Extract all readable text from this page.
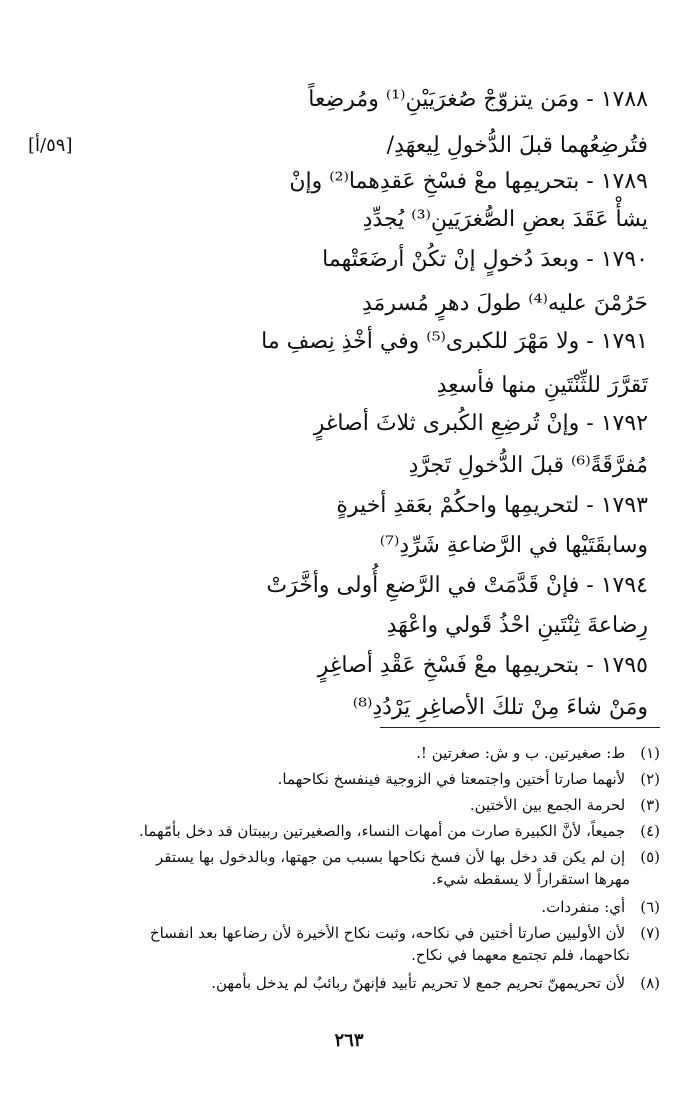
١٧٨٨ - ومَن يتزوّجْ صُغرَيَيْنِ⁽¹⁾ ومُرضِعاً
فتُرضِعُهما قبلَ الدُّخولِ لِيعهَدِ/
[٥٩/أ]
١٧٨٩ - بتحريمِها معْ فسْخِ عَقدِهما⁽²⁾ وإنْ
يشأْ عَقَدَ بعضِ الصُّغرَيَينِ⁽³⁾ يُجدِّدِ
١٧٩٠ - وبعدَ دُخولٍ إنْ تكُنْ أرضَعَتْهما
حَرُمْنَ عليه⁽⁴⁾ طولَ دهرٍ مُسرمَدِ
١٧٩١ - ولا مَهْرَ للكبرى⁽⁵⁾ وفي أخْذِ نِصفِ ما
تَقرَّرَ للثِّنْتَينِ منها فأسعِدِ
١٧٩٢ - وإنْ تُرضِعِ الكُبرى ثلاثَ أصاغرٍ
مُفرَّقَةً⁽⁶⁾ قبلَ الدُّخولِ تَجرَّدِ
١٧٩٣ - لتحريمِها واحكُمْ بعَقدِ أخيرةٍ
وسابقَتَيْها في الرَّضاعةِ شَرِّدِ⁽⁷⁾
١٧٩٤ - فإنْ قَدَّمَتْ في الرَّضعِ أُولى وأخَّرَتْ
رِضاعةَ ثِنْتَينِ احْذُ قَولي واعْهَدِ
١٧٩٥ - بتحريمِها معْ فَسْخِ عَقْدِ أصاغِرٍ
ومَنْ شاءَ مِنْ تلكَ الأصاغِرِ يَرْدُدِ⁽⁸⁾
(١) ط: صغيرتين. ب و ش: صغرتين !.
(٢) لأنهما صارتا أختين واجتمعتا في الزوجية فينفسخ نكاحهما.
(٣) لحرمة الجمع بين الأختين.
(٤) جميعاً، لأنَّ الكبيرة صارت من أمهات النساء، والصغيرتين ربيبتان قد دخل بأمّهما.
(٥) إن لم يكن قد دخل بها لأن فسخ نكاحها بسبب من جهتها، وبالدخول بها يستقر
مهرها استقراراً لا يسقطه شيء.
(٦) أي: منفردات.
(٧) لأن الأوليين صارتا أختين في نكاحه، وثبت نكاح الأخيرة لأن رضاعها بعد انفساخ
نكاحهما، فلم تجتمع معهما في نكاح.
(٨) لأن تحريمهنّ تحريم جمع لا تحريم تأبيد فإنهنّ ربائبُ لم يدخل بأمهن.
٢٦٣
